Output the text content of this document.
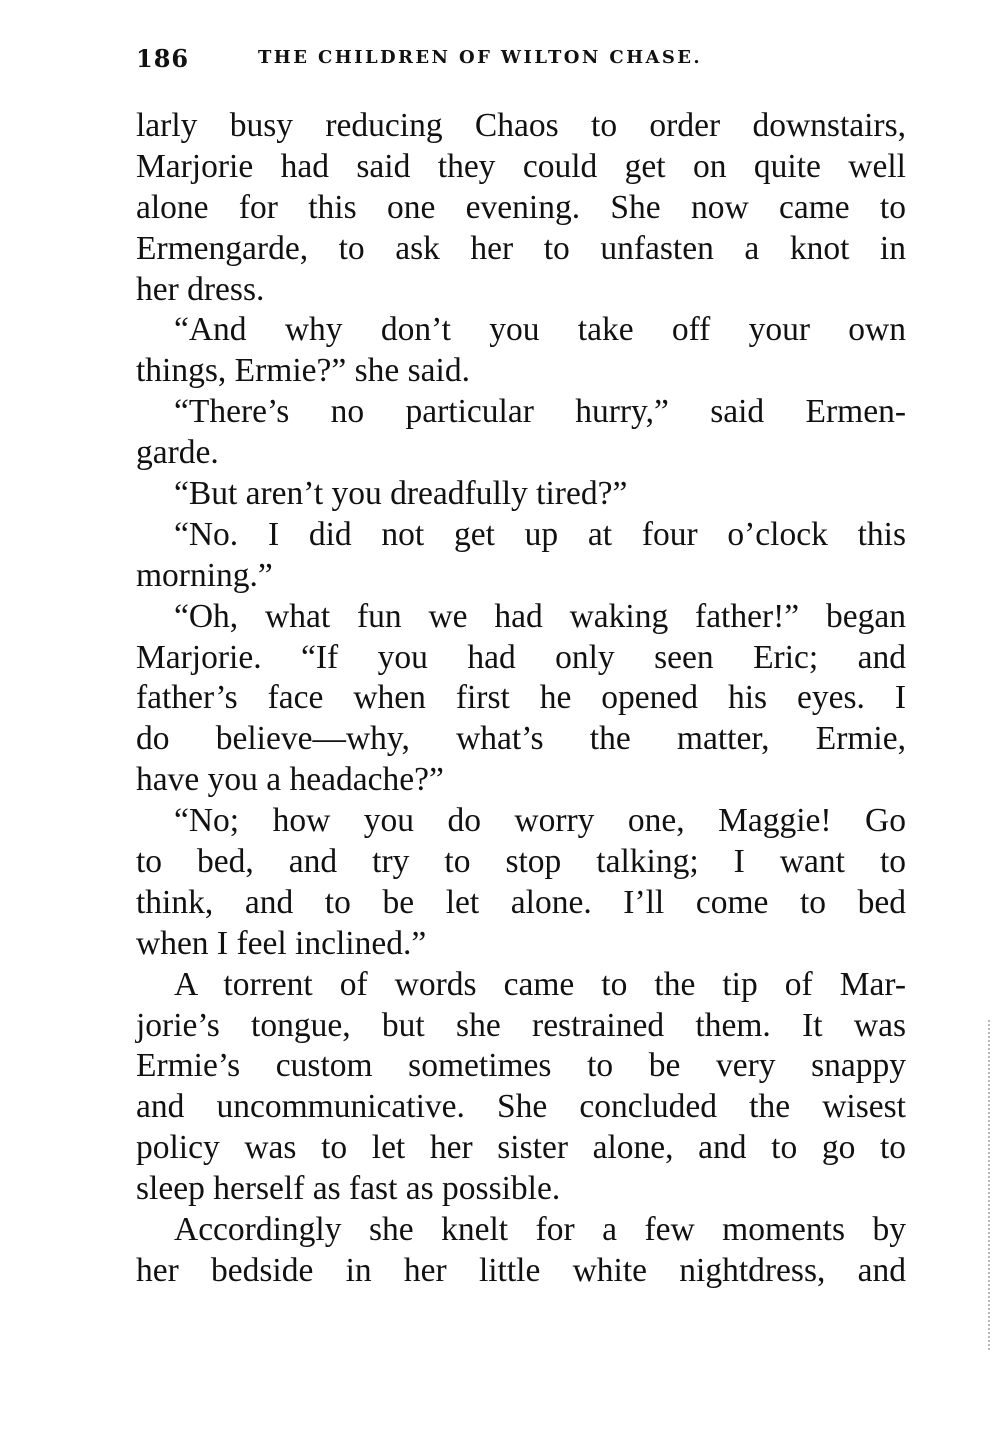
186	THE CHILDREN OF WILTON CHASE.
larly busy reducing Chaos to order downstairs,
Marjorie had said they could get on quite well
alone for this one evening. She now came to
Ermengarde, to ask her to unfasten a knot in
her dress.
“And why don’t you take off your own
things, Ermie?” she said.
“There’s no particular hurry,” said Ermen-
garde.
“But aren’t you dreadfully tired?”
“No. I did not get up at four o’clock this
morning.”
“Oh, what fun we had waking father!” began
Marjorie. “If you had only seen Eric; and
father’s face when first he opened his eyes. I
do believe—why, what’s the matter, Ermie,
have you a headache?”
“No; how you do worry one, Maggie! Go
to bed, and try to stop talking; I want to
think, and to be let alone. I’ll come to bed
when I feel inclined.”
A torrent of words came to the tip of Mar-
jorie’s tongue, but she restrained them. It was
Ermie’s custom sometimes to be very snappy
and uncommunicative. She concluded the wisest
policy was to let her sister alone, and to go to
sleep herself as fast as possible.
Accordingly she knelt for a few moments by
her bedside in her little white nightdress, and
